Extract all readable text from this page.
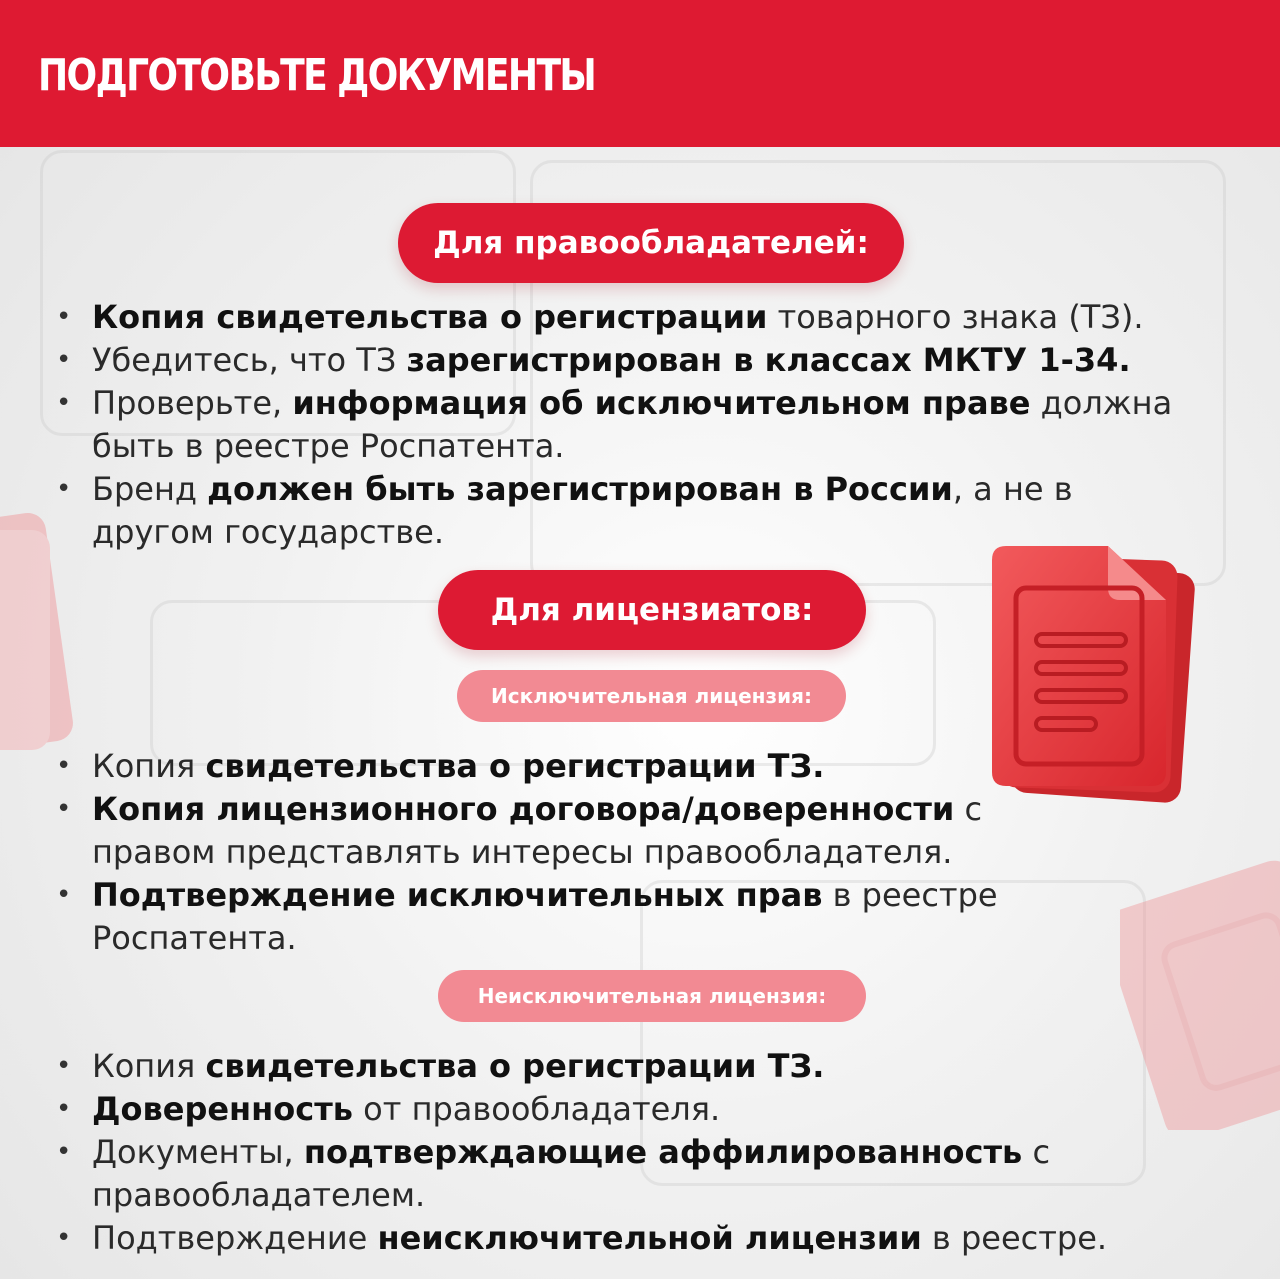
ПОДГОТОВЬТЕ ДОКУМЕНТЫ
Для правообладателей:
• Копия свидетельства о регистрации товарного знака (ТЗ).
• Убедитесь, что ТЗ зарегистрирован в классах МКТУ 1-34.
• Проверьте, информация об исключительном праве должна
быть в реестре Роспатента.
• Бренд должен быть зарегистрирован в России, а не в
другом государстве.
Для лицензиатов:
Исключительная лицензия:
• Копия свидетельства о регистрации ТЗ.
• Копия лицензионного договора/доверенности с
правом представлять интересы правообладателя.
• Подтверждение исключительных прав в реестре
Роспатента.
Неисключительная лицензия:
• Копия свидетельства о регистрации ТЗ.
• Доверенность от правообладателя.
• Документы, подтверждающие аффилированность с
правообладателем.
• Подтверждение неисключительной лицензии в реестре.
